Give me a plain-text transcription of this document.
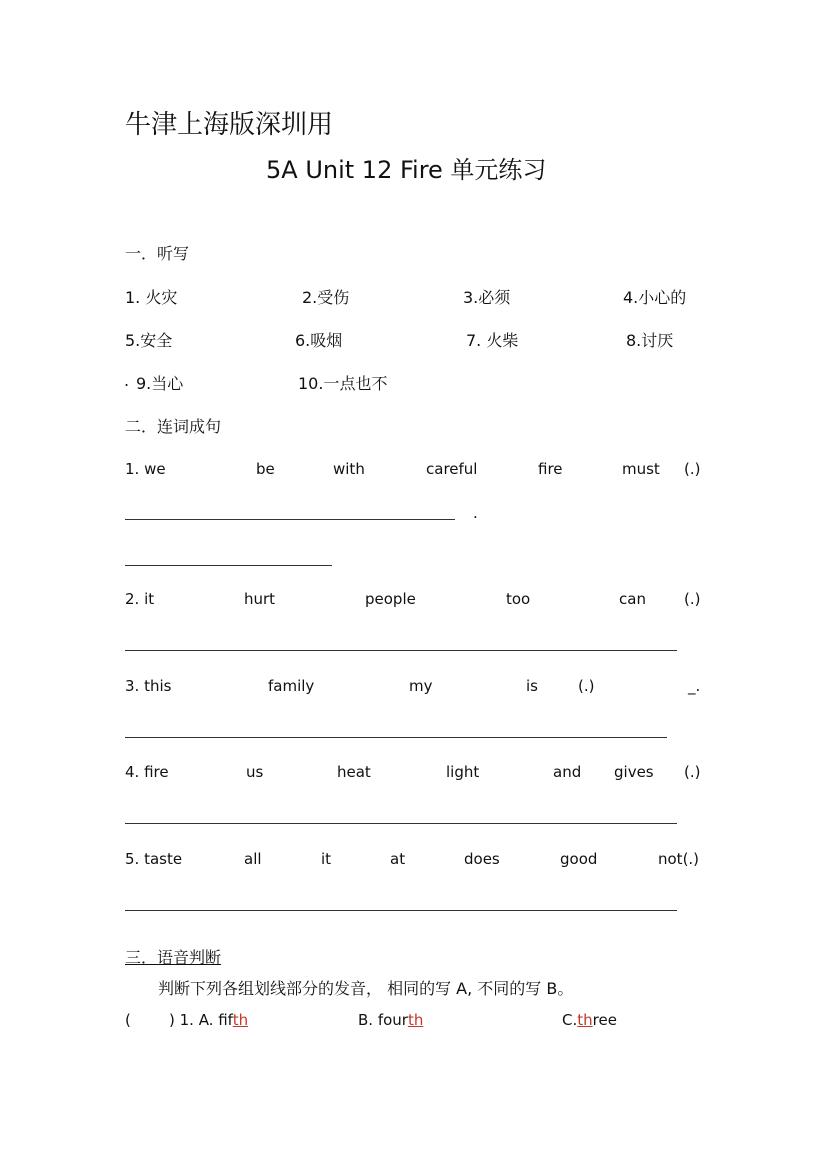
牛津上海版深圳用
5A Unit 12 Fire 单元练习
一．听写
1. 火灾	2.受伤	3.必须	4.小心的
5.安全	6.吸烟	7. 火柴	8.讨厌
. 9.当心	10.一点也不
二．连词成句
1. we	be	with	careful	fire	must (.)
.
2. it	hurt	people	too	can	(.)
3. this	family	my	is	(.)	_.
4. fire	us	heat	light	and gives (.)
5. taste	all	it	at	does	good	not(.)
三．语音判断
判断下列各组划线部分的发音， 相同的写 A, 不同的写 B。
(        ) 1. A. fifth	B. fourth	C.three
